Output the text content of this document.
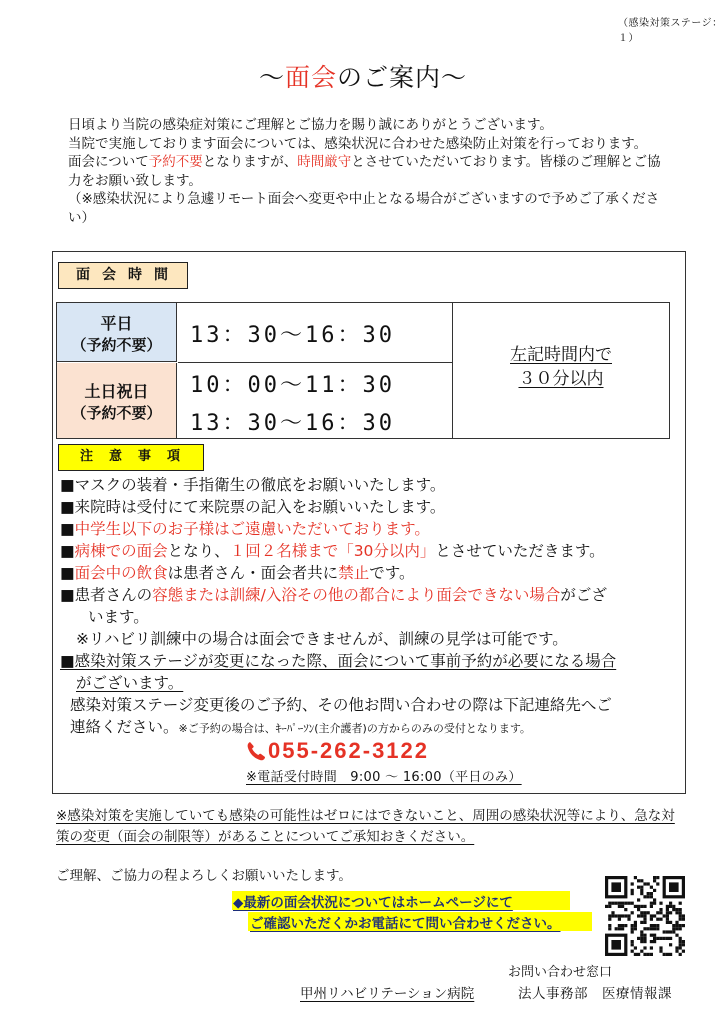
（感染対策ステージ：１）
〜面会のご案内〜
日頃より当院の感染症対策にご理解とご協力を賜り誠にありがとうございます。
当院で実施しております面会については、感染状況に合わせた感染防止対策を行っております。
面会について予約不要となりますが、時間厳守とさせていただいております。皆様のご理解とご協力をお願い致します。
（※感染状況により急遽リモート面会へ変更や中止となる場合がございますので予めご了承ください）
面会時間
平日
（予約不要）
土日祝日
（予約不要）
13：30〜16：30
10：00〜11：30
13：30〜16：30
左記時間内で
３０分以内
注意事項
■マスクの装着・手指衛生の徹底をお願いいたします。
■来院時は受付にて来院票の記入をお願いいたします。
■中学生以下のお子様はご遠慮いただいております。
■病棟での面会となり、１回２名様まで「30分以内」とさせていただきます。
■面会中の飲食は患者さん・面会者共に禁止です。
■患者さんの容態または訓練/入浴その他の都合により面会できない場合がござ
います。
※リハビリ訓練中の場合は面会できませんが、訓練の見学は可能です。
■感染対策ステージが変更になった際、面会について事前予約が必要になる場合
がございます。
感染対策ステージ変更後のご予約、その他お問い合わせの際は下記連絡先へご
連絡ください。※ご予約の場合は、ｷｰﾊﾟｰｿﾝ(主介護者)の方からのみの受付となります。
055-262-3122
※電話受付時間　9:00 〜 16:00（平日のみ）
※感染対策を実施していても感染の可能性はゼロにはできないこと、周囲の感染状況等により、急な対策の変更（面会の制限等）があることについてご承知おきください。
ご理解、ご協力の程よろしくお願いいたします。
◆最新の面会状況についてはホームページにて
ご確認いただくかお電話にて問い合わせください。
お問い合わせ窓口
甲州リハビリテーション病院	法人事務部　医療情報課
